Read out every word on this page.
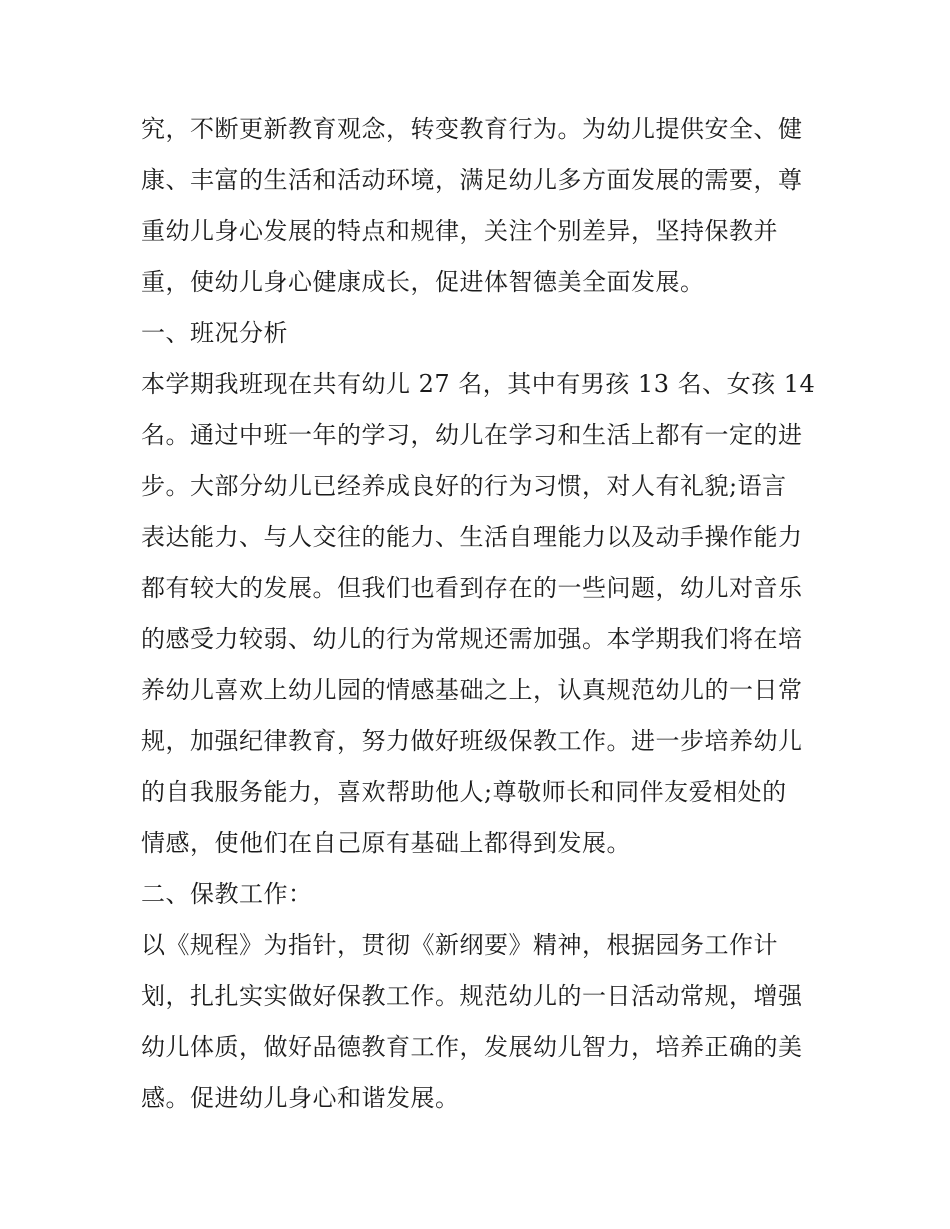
究，不断更新教育观念，转变教育行为。为幼儿提供安全、健
康、丰富的生活和活动环境，满足幼儿多方面发展的需要，尊
重幼儿身心发展的特点和规律，关注个别差异，坚持保教并
重，使幼儿身心健康成长，促进体智德美全面发展。
一、班况分析
本学期我班现在共有幼儿 27 名，其中有男孩 13 名、女孩 14
名。通过中班一年的学习，幼儿在学习和生活上都有一定的进
步。大部分幼儿已经养成良好的行为习惯，对人有礼貌;语言
表达能力、与人交往的能力、生活自理能力以及动手操作能力
都有较大的发展。但我们也看到存在的一些问题，幼儿对音乐
的感受力较弱、幼儿的行为常规还需加强。本学期我们将在培
养幼儿喜欢上幼儿园的情感基础之上，认真规范幼儿的一日常
规，加强纪律教育，努力做好班级保教工作。进一步培养幼儿
的自我服务能力，喜欢帮助他人;尊敬师长和同伴友爱相处的
情感，使他们在自己原有基础上都得到发展。
二、保教工作：
以《规程》为指针，贯彻《新纲要》精神，根据园务工作计
划，扎扎实实做好保教工作。规范幼儿的一日活动常规，增强
幼儿体质，做好品德教育工作，发展幼儿智力，培养正确的美
感。促进幼儿身心和谐发展。
